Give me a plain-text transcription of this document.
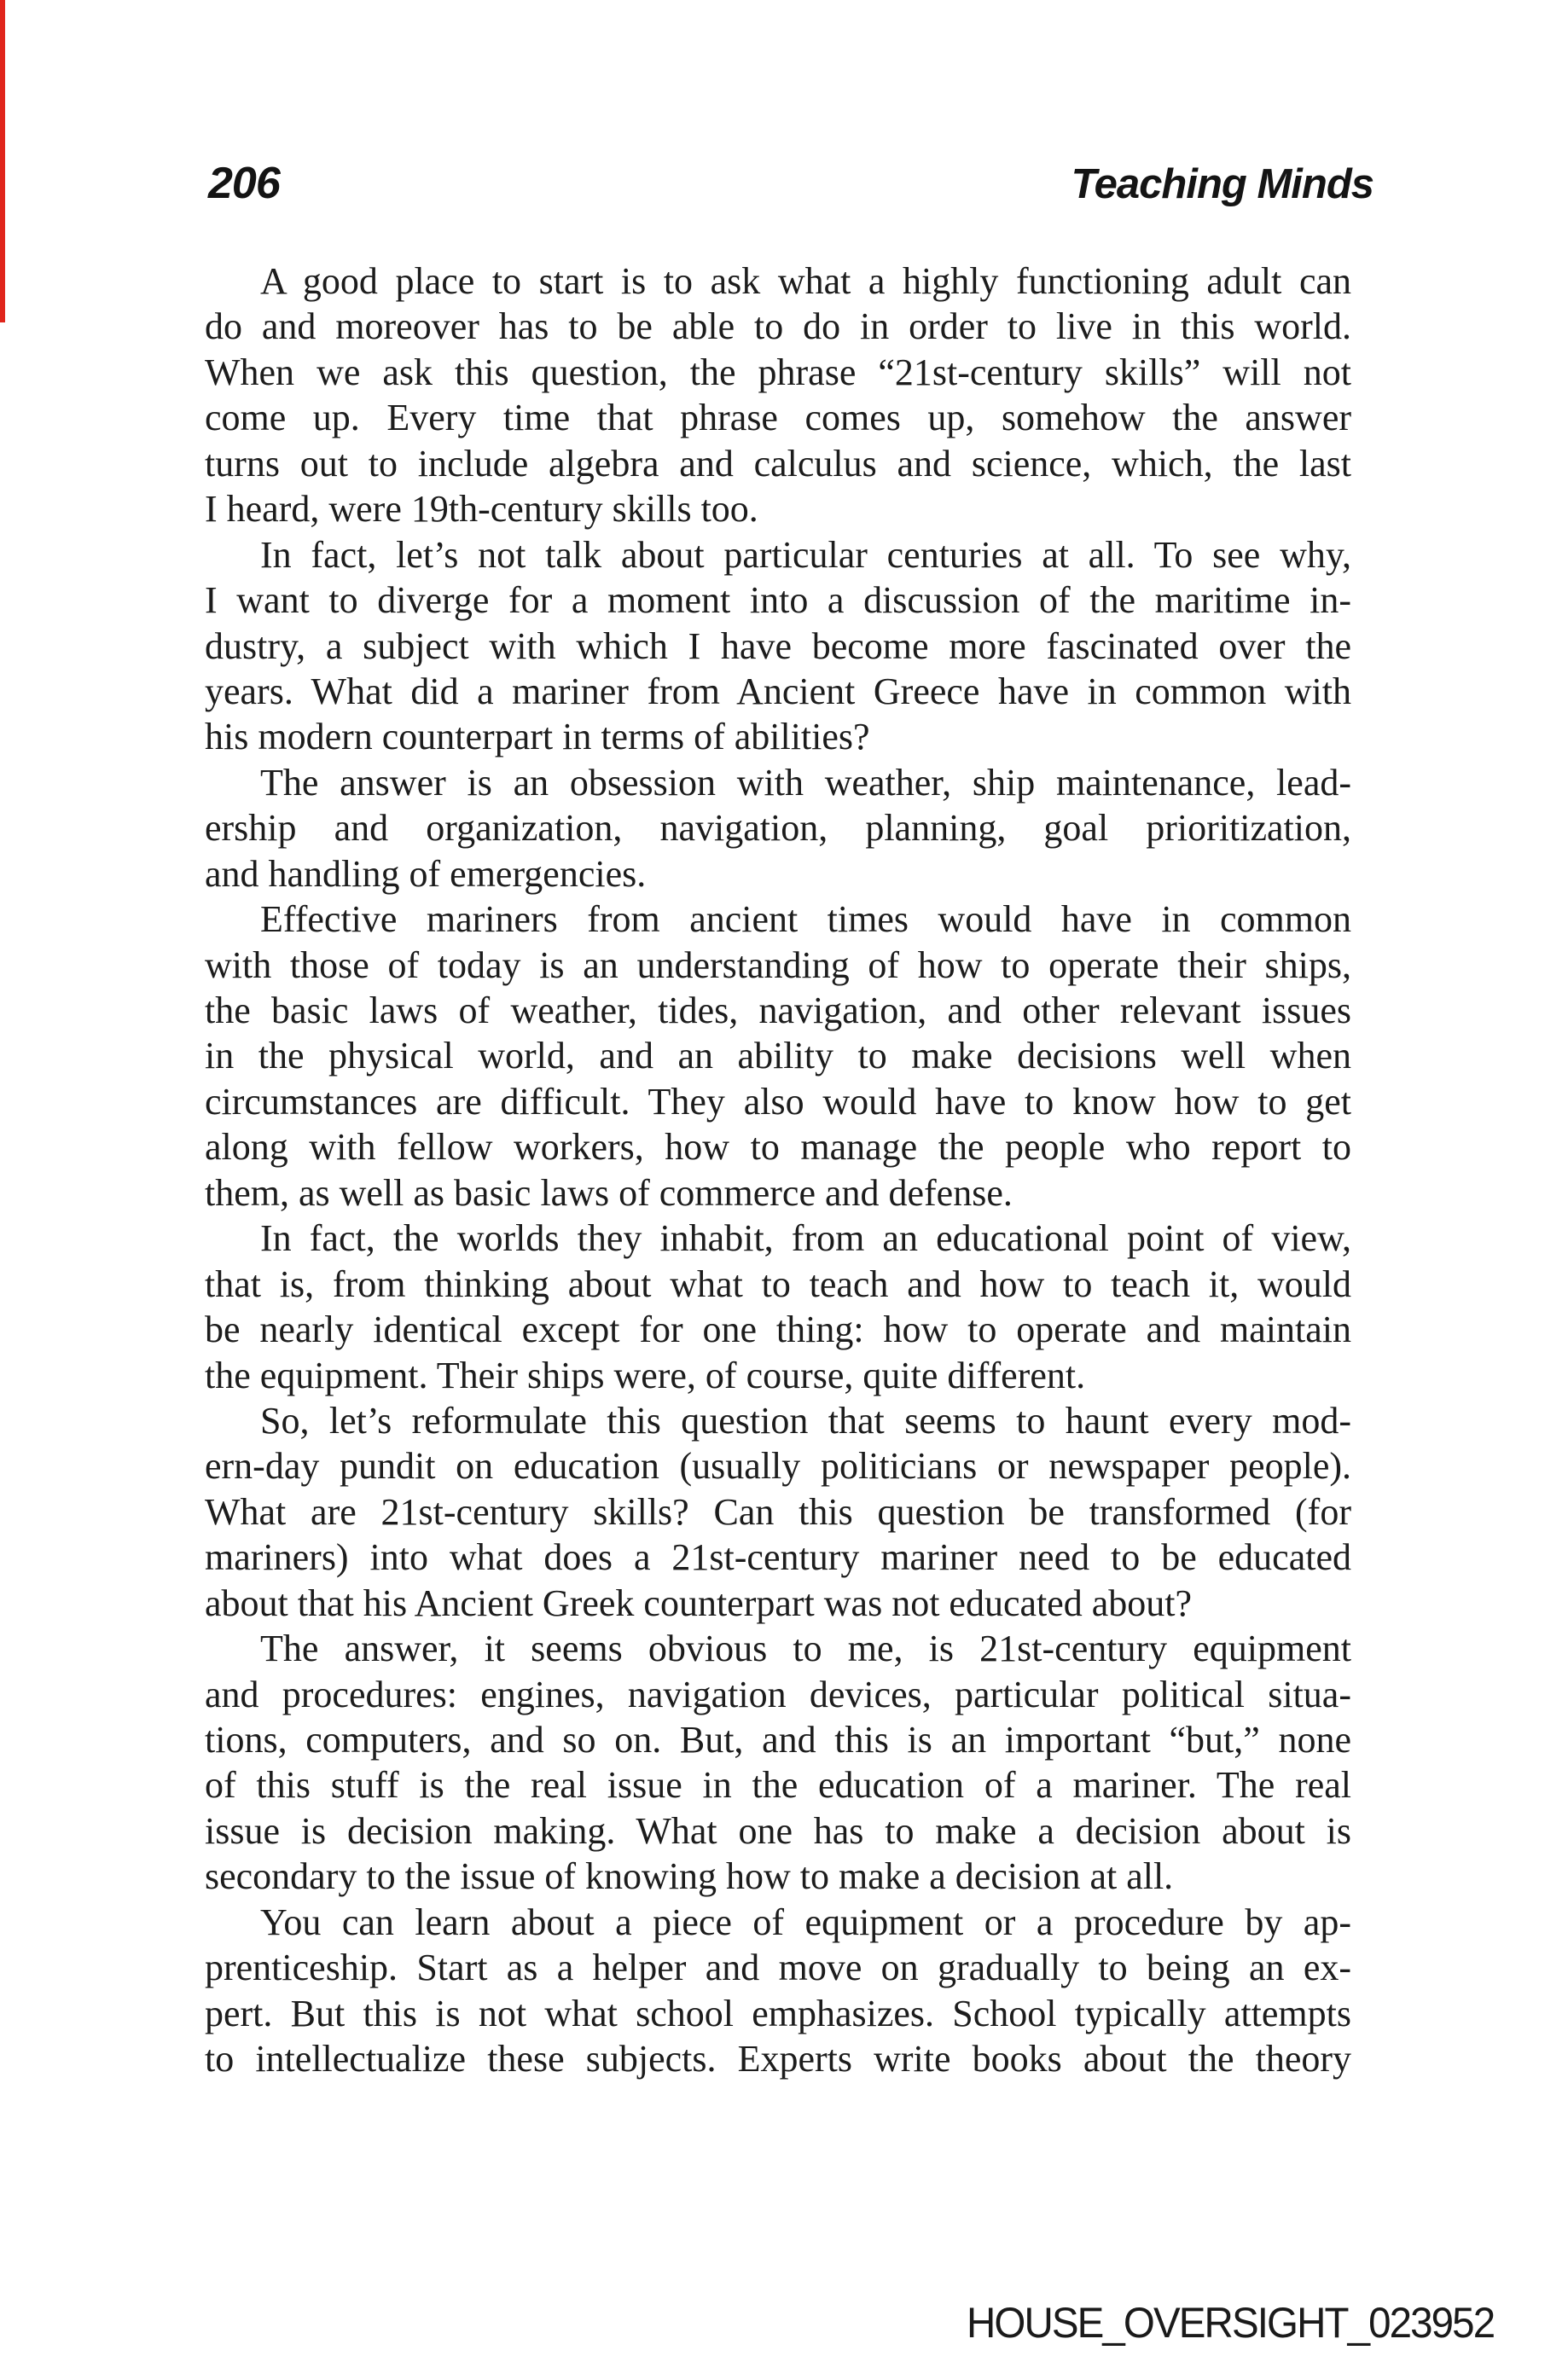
206	Teaching Minds
A good place to start is to ask what a highly functioning adult can
do and moreover has to be able to do in order to live in this world.
When we ask this question, the phrase “21st-century skills” will not
come up. Every time that phrase comes up, somehow the answer
turns out to include algebra and calculus and science, which, the last
I heard, were 19th-century skills too.
In fact, let’s not talk about particular centuries at all. To see why,
I want to diverge for a moment into a discussion of the maritime in-
dustry, a subject with which I have become more fascinated over the
years. What did a mariner from Ancient Greece have in common with
his modern counterpart in terms of abilities?
The answer is an obsession with weather, ship maintenance, lead-
ership and organization, navigation, planning, goal prioritization,
and handling of emergencies.
Effective mariners from ancient times would have in common
with those of today is an understanding of how to operate their ships,
the basic laws of weather, tides, navigation, and other relevant issues
in the physical world, and an ability to make decisions well when
circumstances are difficult. They also would have to know how to get
along with fellow workers, how to manage the people who report to
them, as well as basic laws of commerce and defense.
In fact, the worlds they inhabit, from an educational point of view,
that is, from thinking about what to teach and how to teach it, would
be nearly identical except for one thing: how to operate and maintain
the equipment. Their ships were, of course, quite different.
So, let’s reformulate this question that seems to haunt every mod-
ern-day pundit on education (usually politicians or newspaper people).
What are 21st-century skills? Can this question be transformed (for
mariners) into what does a 21st-century mariner need to be educated
about that his Ancient Greek counterpart was not educated about?
The answer, it seems obvious to me, is 21st-century equipment
and procedures: engines, navigation devices, particular political situa-
tions, computers, and so on. But, and this is an important “but,” none
of this stuff is the real issue in the education of a mariner. The real
issue is decision making. What one has to make a decision about is
secondary to the issue of knowing how to make a decision at all.
You can learn about a piece of equipment or a procedure by ap-
prenticeship. Start as a helper and move on gradually to being an ex-
pert. But this is not what school emphasizes. School typically attempts
to intellectualize these subjects. Experts write books about the theory
HOUSE_OVERSIGHT_023952
